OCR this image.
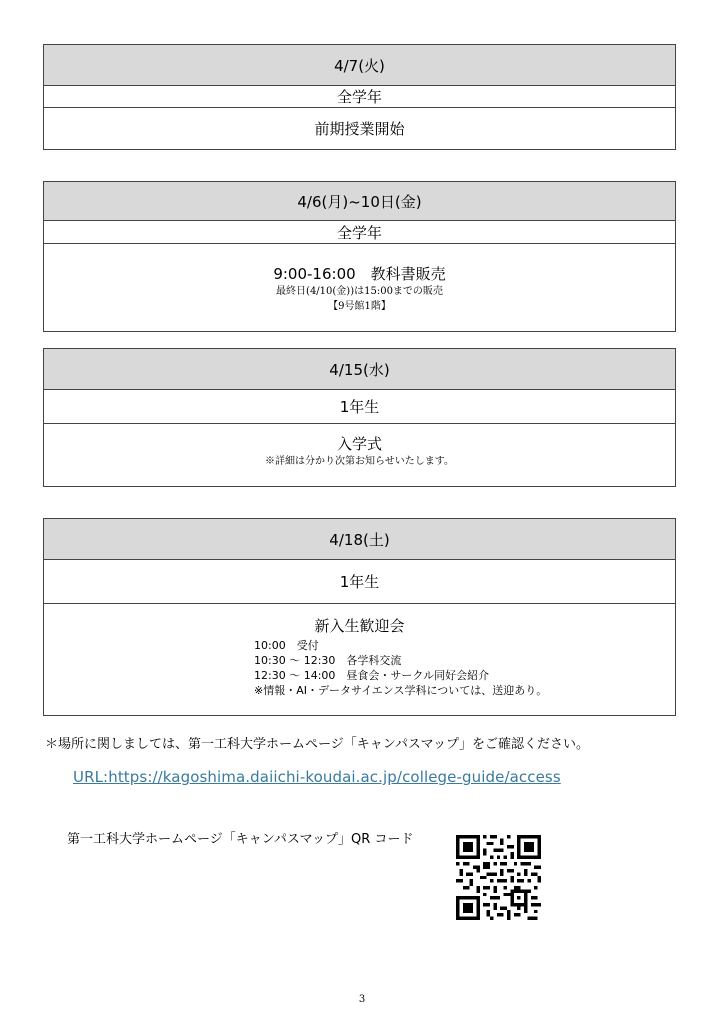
4/7(火)
全学年
前期授業開始
4/6(月)~10日(金)
全学年
9:00-16:00　教科書販売
最終日(4/10(金))は15:00までの販売
【9号館1階】
4/15(水)
1年生
入学式
※詳細は分かり次第お知らせいたします。
4/18(土)
1年生
新入生歓迎会
10:00　受付
10:30 ～ 12:30　各学科交流
12:30 ～ 14:00　昼食会・サークル同好会紹介
※情報・AI・データサイエンス学科については、送迎あり。
＊場所に関しましては、第一工科大学ホームページ「キャンパスマップ」をご確認ください。
URL:https://kagoshima.daiichi-koudai.ac.jp/college-guide/access
第一工科大学ホームページ「キャンパスマップ」QR コード
3
